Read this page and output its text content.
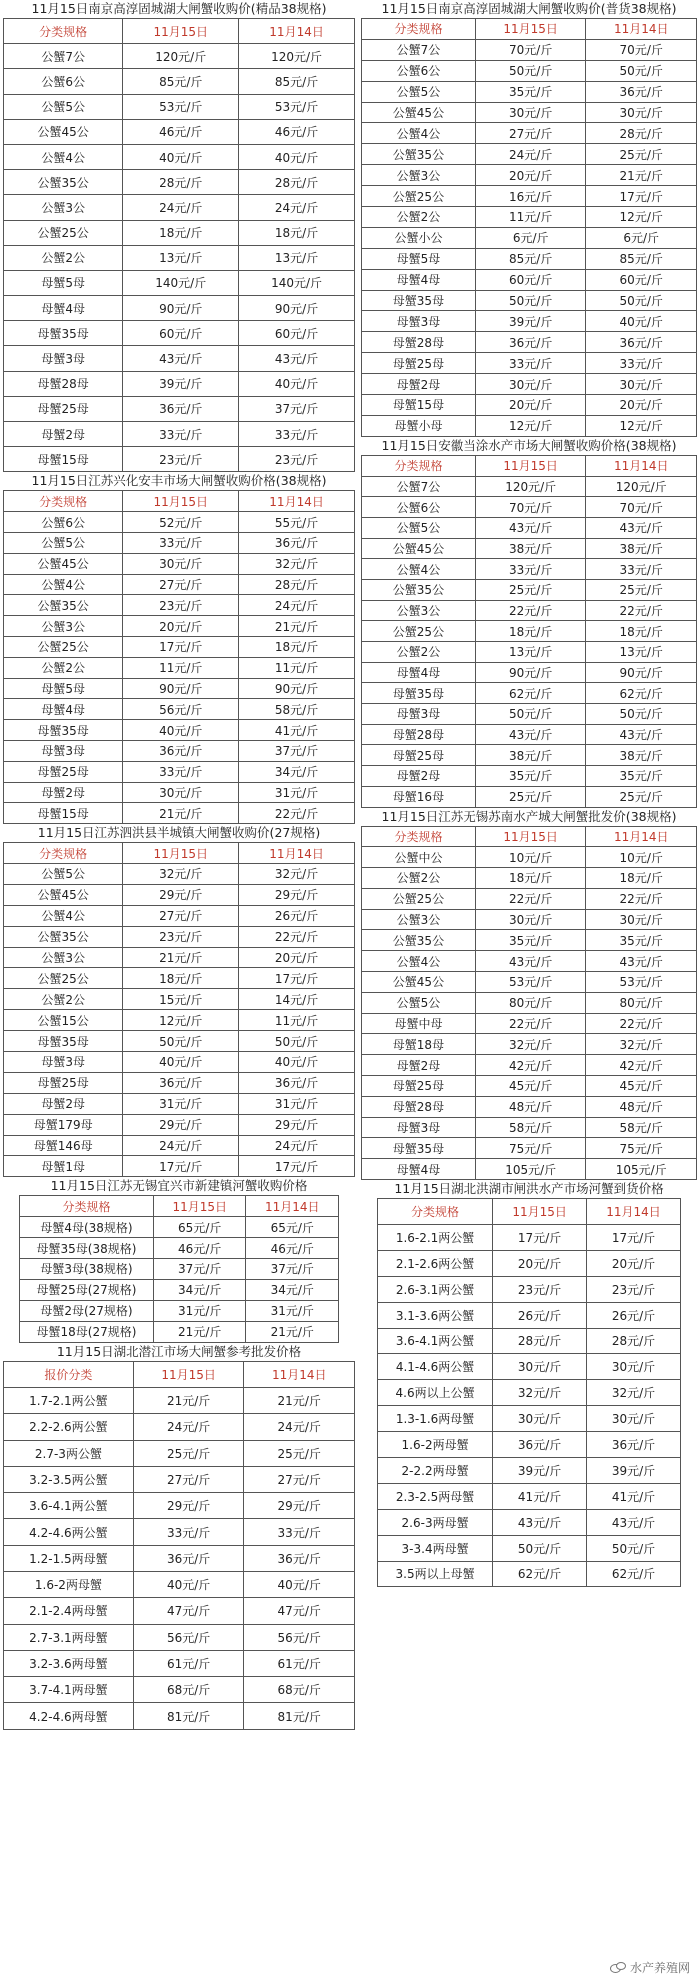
11月15日南京高淳固城湖大闸蟹收购价(精品38规格)
分类规格	11月15日	11月14日
公蟹7公	120元/斤	120元/斤
公蟹6公	85元/斤	85元/斤
公蟹5公	53元/斤	53元/斤
公蟹45公	46元/斤	46元/斤
公蟹4公	40元/斤	40元/斤
公蟹35公	28元/斤	28元/斤
公蟹3公	24元/斤	24元/斤
公蟹25公	18元/斤	18元/斤
公蟹2公	13元/斤	13元/斤
母蟹5母	140元/斤	140元/斤
母蟹4母	90元/斤	90元/斤
母蟹35母	60元/斤	60元/斤
母蟹3母	43元/斤	43元/斤
母蟹28母	39元/斤	40元/斤
母蟹25母	36元/斤	37元/斤
母蟹2母	33元/斤	33元/斤
母蟹15母	23元/斤	23元/斤
11月15日江苏兴化安丰市场大闸蟹收购价格(38规格)
分类规格	11月15日	11月14日
公蟹6公	52元/斤	55元/斤
公蟹5公	33元/斤	36元/斤
公蟹45公	30元/斤	32元/斤
公蟹4公	27元/斤	28元/斤
公蟹35公	23元/斤	24元/斤
公蟹3公	20元/斤	21元/斤
公蟹25公	17元/斤	18元/斤
公蟹2公	11元/斤	11元/斤
母蟹5母	90元/斤	90元/斤
母蟹4母	56元/斤	58元/斤
母蟹35母	40元/斤	41元/斤
母蟹3母	36元/斤	37元/斤
母蟹25母	33元/斤	34元/斤
母蟹2母	30元/斤	31元/斤
母蟹15母	21元/斤	22元/斤
11月15日江苏泗洪县半城镇大闸蟹收购价(27规格)
分类规格	11月15日	11月14日
公蟹5公	32元/斤	32元/斤
公蟹45公	29元/斤	29元/斤
公蟹4公	27元/斤	26元/斤
公蟹35公	23元/斤	22元/斤
公蟹3公	21元/斤	20元/斤
公蟹25公	18元/斤	17元/斤
公蟹2公	15元/斤	14元/斤
公蟹15公	12元/斤	11元/斤
母蟹35母	50元/斤	50元/斤
母蟹3母	40元/斤	40元/斤
母蟹25母	36元/斤	36元/斤
母蟹2母	31元/斤	31元/斤
母蟹179母	29元/斤	29元/斤
母蟹146母	24元/斤	24元/斤
母蟹1母	17元/斤	17元/斤
11月15日江苏无锡宜兴市新建镇河蟹收购价格
分类规格	11月15日	11月14日
母蟹4母(38规格)	65元/斤	65元/斤
母蟹35母(38规格)	46元/斤	46元/斤
母蟹3母(38规格)	37元/斤	37元/斤
母蟹25母(27规格)	34元/斤	34元/斤
母蟹2母(27规格)	31元/斤	31元/斤
母蟹18母(27规格)	21元/斤	21元/斤
11月15日湖北潜江市场大闸蟹参考批发价格
报价分类	11月15日	11月14日
1.7-2.1两公蟹	21元/斤	21元/斤
2.2-2.6两公蟹	24元/斤	24元/斤
2.7-3两公蟹	25元/斤	25元/斤
3.2-3.5两公蟹	27元/斤	27元/斤
3.6-4.1两公蟹	29元/斤	29元/斤
4.2-4.6两公蟹	33元/斤	33元/斤
1.2-1.5两母蟹	36元/斤	36元/斤
1.6-2两母蟹	40元/斤	40元/斤
2.1-2.4两母蟹	47元/斤	47元/斤
2.7-3.1两母蟹	56元/斤	56元/斤
3.2-3.6两母蟹	61元/斤	61元/斤
3.7-4.1两母蟹	68元/斤	68元/斤
4.2-4.6两母蟹	81元/斤	81元/斤
11月15日南京高淳固城湖大闸蟹收购价(普货38规格)
分类规格	11月15日	11月14日
公蟹7公	70元/斤	70元/斤
公蟹6公	50元/斤	50元/斤
公蟹5公	35元/斤	36元/斤
公蟹45公	30元/斤	30元/斤
公蟹4公	27元/斤	28元/斤
公蟹35公	24元/斤	25元/斤
公蟹3公	20元/斤	21元/斤
公蟹25公	16元/斤	17元/斤
公蟹2公	11元/斤	12元/斤
公蟹小公	6元/斤	6元/斤
母蟹5母	85元/斤	85元/斤
母蟹4母	60元/斤	60元/斤
母蟹35母	50元/斤	50元/斤
母蟹3母	39元/斤	40元/斤
母蟹28母	36元/斤	36元/斤
母蟹25母	33元/斤	33元/斤
母蟹2母	30元/斤	30元/斤
母蟹15母	20元/斤	20元/斤
母蟹小母	12元/斤	12元/斤
11月15日安徽当涂水产市场大闸蟹收购价格(38规格)
分类规格	11月15日	11月14日
公蟹7公	120元/斤	120元/斤
公蟹6公	70元/斤	70元/斤
公蟹5公	43元/斤	43元/斤
公蟹45公	38元/斤	38元/斤
公蟹4公	33元/斤	33元/斤
公蟹35公	25元/斤	25元/斤
公蟹3公	22元/斤	22元/斤
公蟹25公	18元/斤	18元/斤
公蟹2公	13元/斤	13元/斤
母蟹4母	90元/斤	90元/斤
母蟹35母	62元/斤	62元/斤
母蟹3母	50元/斤	50元/斤
母蟹28母	43元/斤	43元/斤
母蟹25母	38元/斤	38元/斤
母蟹2母	35元/斤	35元/斤
母蟹16母	25元/斤	25元/斤
11月15日江苏无锡苏南水产城大闸蟹批发价(38规格)
分类规格	11月15日	11月14日
公蟹中公	10元/斤	10元/斤
公蟹2公	18元/斤	18元/斤
公蟹25公	22元/斤	22元/斤
公蟹3公	30元/斤	30元/斤
公蟹35公	35元/斤	35元/斤
公蟹4公	43元/斤	43元/斤
公蟹45公	53元/斤	53元/斤
公蟹5公	80元/斤	80元/斤
母蟹中母	22元/斤	22元/斤
母蟹18母	32元/斤	32元/斤
母蟹2母	42元/斤	42元/斤
母蟹25母	45元/斤	45元/斤
母蟹28母	48元/斤	48元/斤
母蟹3母	58元/斤	58元/斤
母蟹35母	75元/斤	75元/斤
母蟹4母	105元/斤	105元/斤
11月15日湖北洪湖市闸洪水产市场河蟹到货价格
分类规格	11月15日	11月14日
1.6-2.1两公蟹	17元/斤	17元/斤
2.1-2.6两公蟹	20元/斤	20元/斤
2.6-3.1两公蟹	23元/斤	23元/斤
3.1-3.6两公蟹	26元/斤	26元/斤
3.6-4.1两公蟹	28元/斤	28元/斤
4.1-4.6两公蟹	30元/斤	30元/斤
4.6两以上公蟹	32元/斤	32元/斤
1.3-1.6两母蟹	30元/斤	30元/斤
1.6-2两母蟹	36元/斤	36元/斤
2-2.2两母蟹	39元/斤	39元/斤
2.3-2.5两母蟹	41元/斤	41元/斤
2.6-3两母蟹	43元/斤	43元/斤
3-3.4两母蟹	50元/斤	50元/斤
3.5两以上母蟹	62元/斤	62元/斤
水产养殖网
